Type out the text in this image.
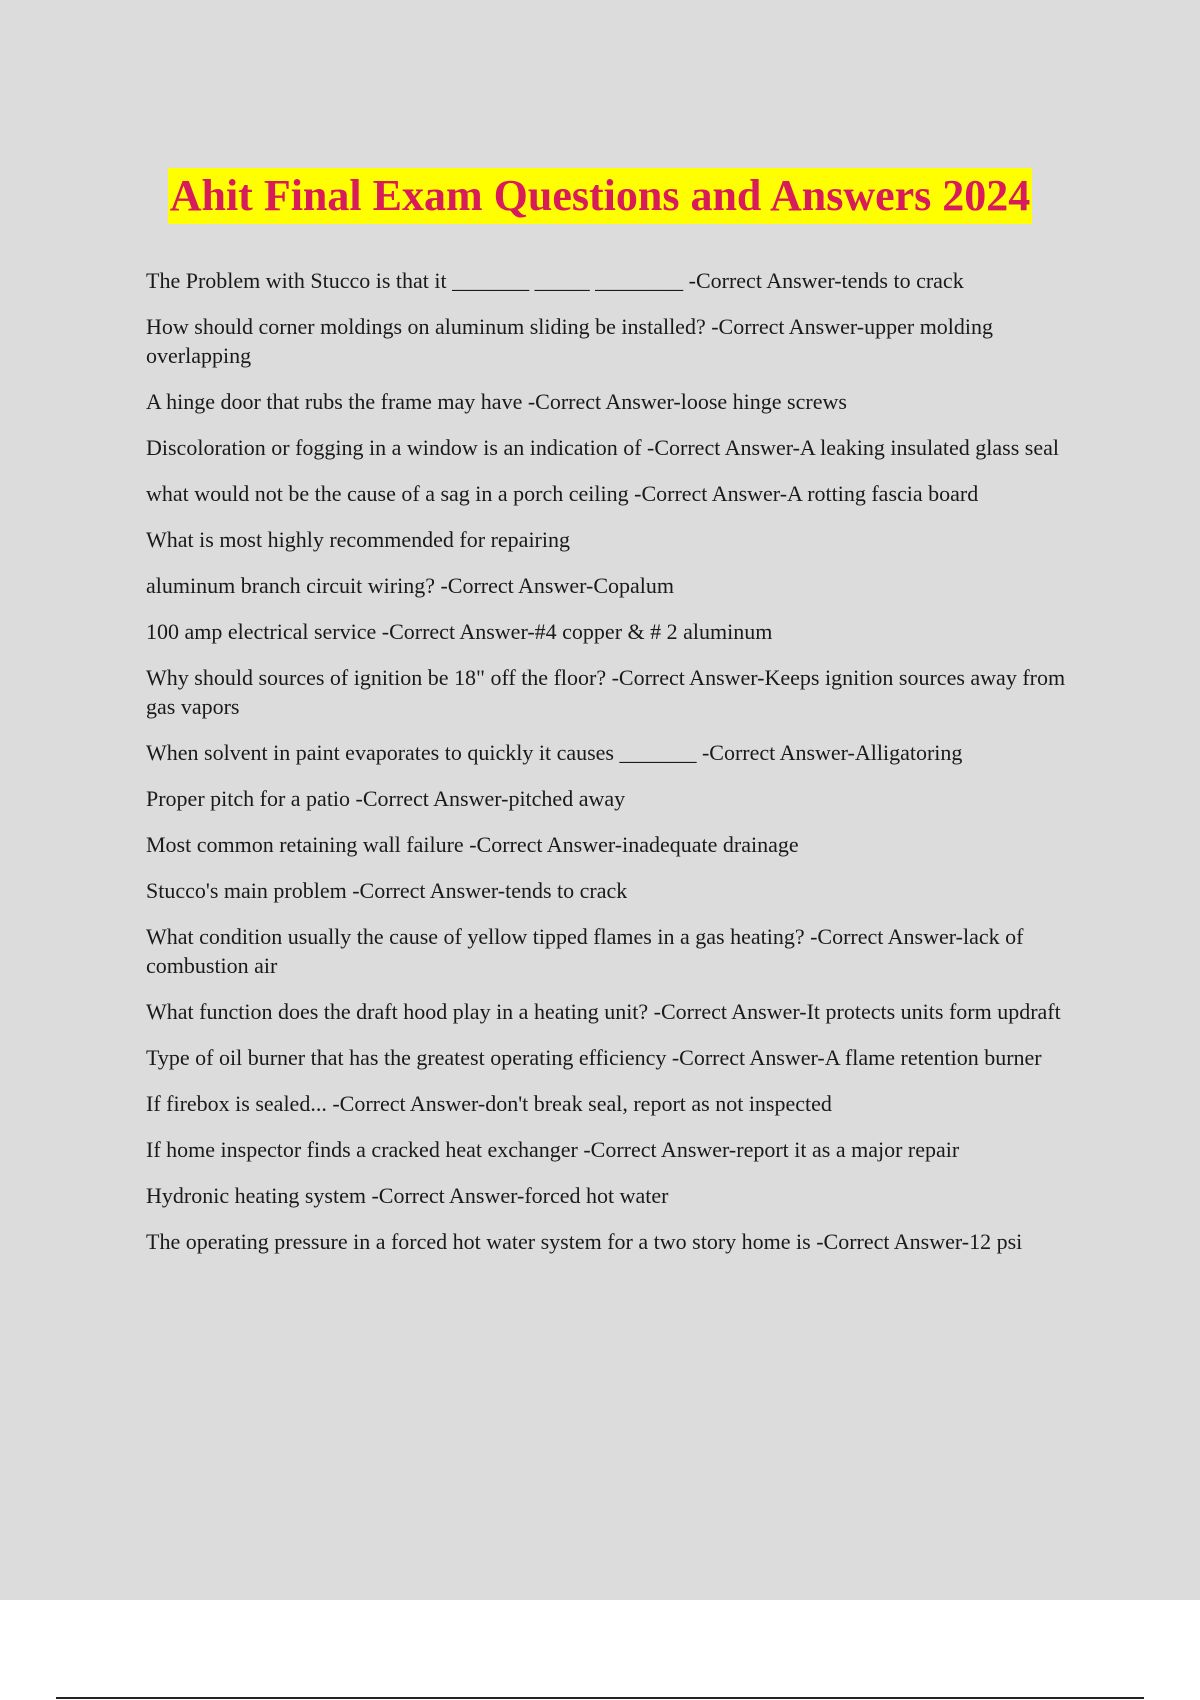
Ahit Final Exam Questions and Answers 2024

The Problem with Stucco is that it _______ _____ ________ -Correct Answer-tends to crack

How should corner moldings on aluminum sliding be installed? -Correct Answer-upper molding overlapping

A hinge door that rubs the frame may have -Correct Answer-loose hinge screws

Discoloration or fogging in a window is an indication of -Correct Answer-A leaking insulated glass seal

what would not be the cause of a sag in a porch ceiling -Correct Answer-A rotting fascia board

What is most highly recommended for repairing

aluminum branch circuit wiring? -Correct Answer-Copalum

100 amp electrical service -Correct Answer-#4 copper & # 2 aluminum

Why should sources of ignition be 18" off the floor? -Correct Answer-Keeps ignition sources away from gas vapors

When solvent in paint evaporates to quickly it causes _______ -Correct Answer-Alligatoring

Proper pitch for a patio -Correct Answer-pitched away

Most common retaining wall failure -Correct Answer-inadequate drainage

Stucco's main problem -Correct Answer-tends to crack

What condition usually the cause of yellow tipped flames in a gas heating? -Correct Answer-lack of combustion air

What function does the draft hood play in a heating unit? -Correct Answer-It protects units form updraft

Type of oil burner that has the greatest operating efficiency -Correct Answer-A flame retention burner

If firebox is sealed... -Correct Answer-don't break seal, report as not inspected

If home inspector finds a cracked heat exchanger -Correct Answer-report it as a major repair

Hydronic heating system -Correct Answer-forced hot water

The operating pressure in a forced hot water system for a two story home is -Correct Answer-12 psi
